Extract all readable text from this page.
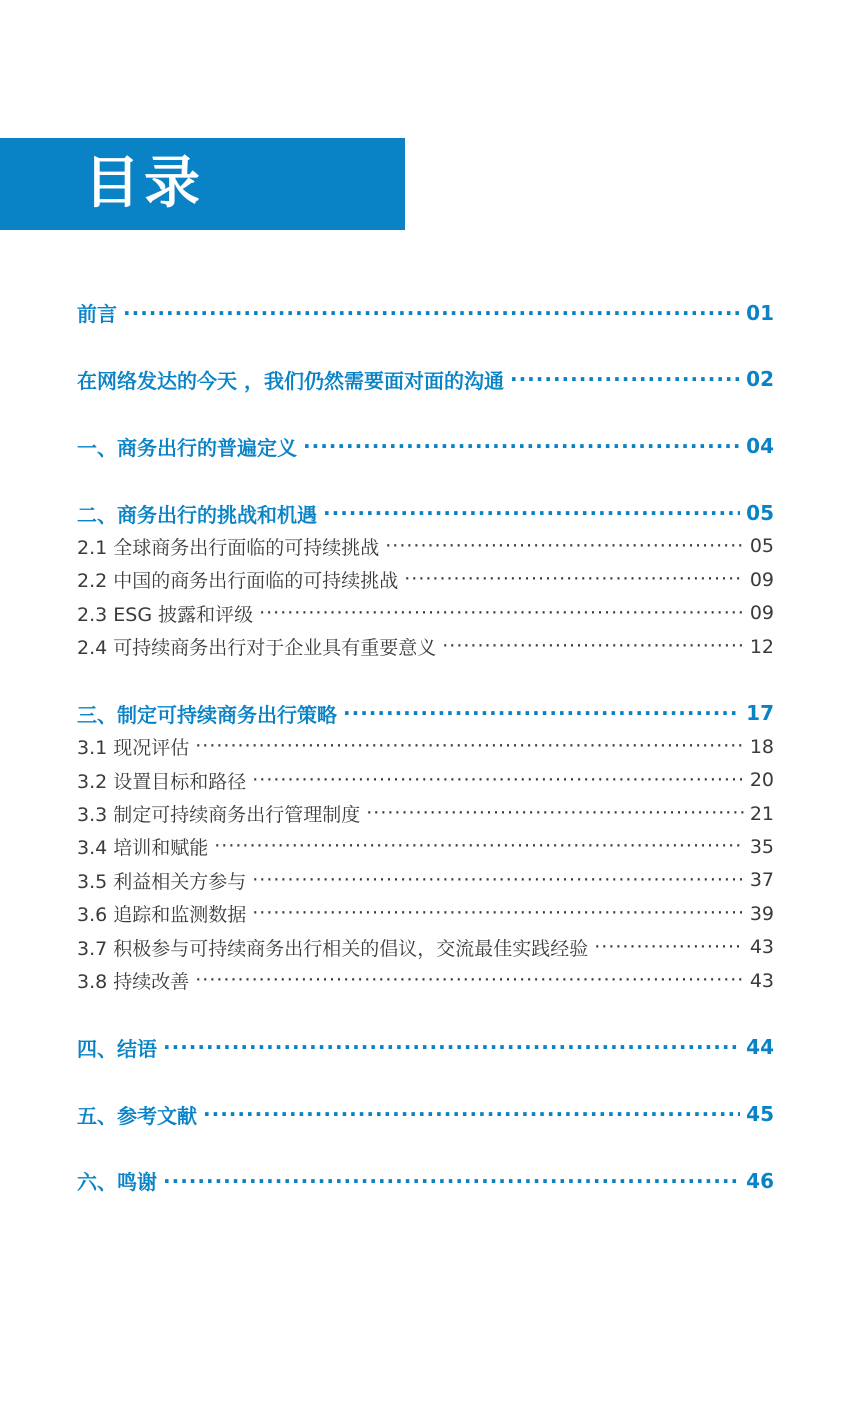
目录
前言 ·····	01
在网络发达的今天 ，我们仍然需要面对面的沟通 ·····	02
一、商务出行的普遍定义 ·····	04
二、商务出行的挑战和机遇 ·····	05
2.1 全球商务出行面临的可持续挑战 ·····	05
2.2 中国的商务出行面临的可持续挑战 ·····	09
2.3 ESG 披露和评级 ·····	09
2.4 可持续商务出行对于企业具有重要意义 ·····	12
三、制定可持续商务出行策略 ·····	17
3.1 现况评估 ·····	18
3.2 设置目标和路径 ·····	20
3.3 制定可持续商务出行管理制度 ·····	21
3.4 培训和赋能 ·····	35
3.5 利益相关方参与 ·····	37
3.6 追踪和监测数据 ·····	39
3.7 积极参与可持续商务出行相关的倡议，交流最佳实践经验 ·····	43
3.8 持续改善 ·····	43
四、结语 ·····	44
五、参考文献 ·····	45
六、鸣谢 ·····	46
